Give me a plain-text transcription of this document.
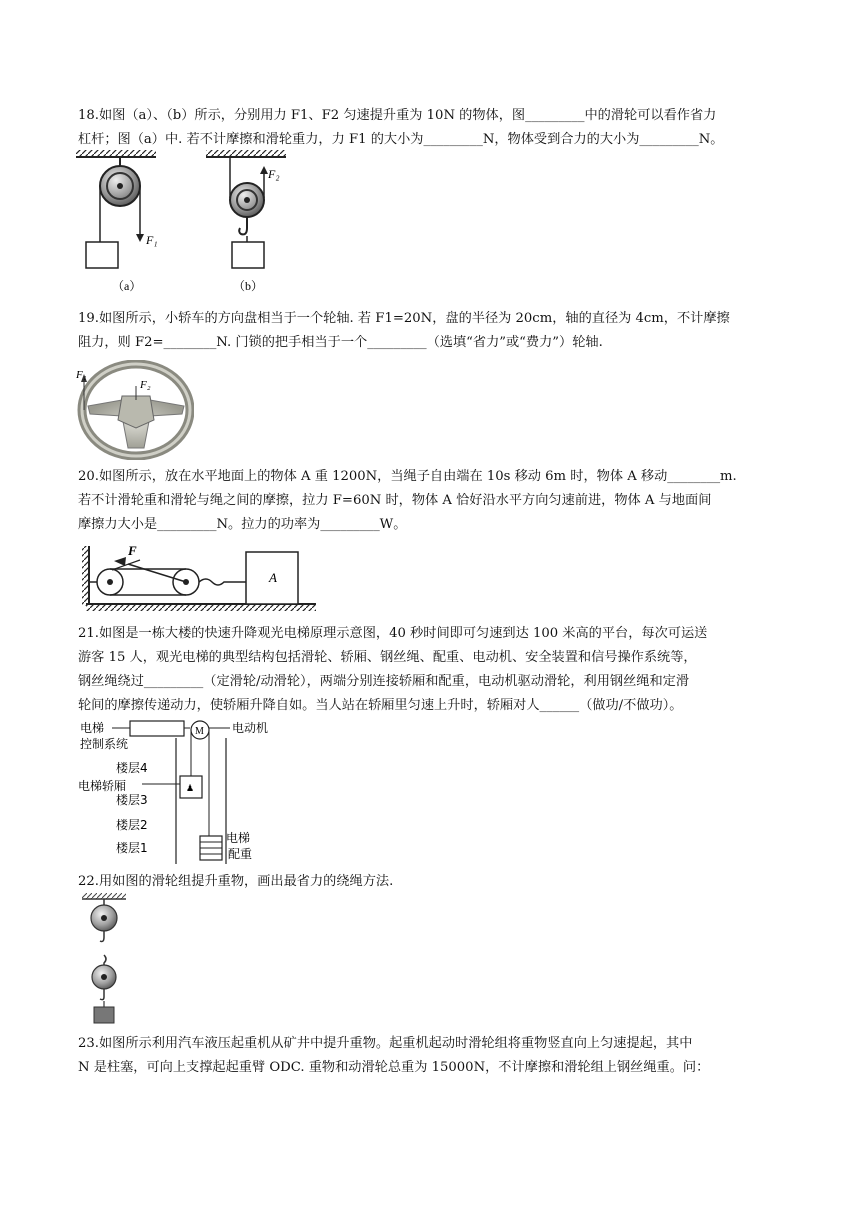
18.如图（a）、（b）所示，分别用力 F1、F2 匀速提升重为 10N 的物体，图_________中的滑轮可以看作省力
杠杆；图（a）中. 若不计摩擦和滑轮重力，力 F1 的大小为_________N，物体受到合力的大小为_________N。
F₁
（a）
F₂
（b）
19.如图所示，小轿车的方向盘相当于一个轮轴. 若 F1=20N，盘的半径为 20cm，轴的直径为 4cm，不计摩擦
阻力，则 F2=________N. 门锁的把手相当于一个_________（选填“省力”或“费力”）轮轴.
F₁
F₂
20.如图所示，放在水平地面上的物体 A 重 1200N，当绳子自由端在 10s 移动 6m 时，物体 A 移动________m.
若不计滑轮重和滑轮与绳之间的摩擦，拉力 F=60N 时，物体 A 恰好沿水平方向匀速前进，物体 A 与地面间
摩擦力大小是_________N。拉力的功率为_________W。
F
A
21.如图是一栋大楼的快速升降观光电梯原理示意图，40 秒时间即可匀速到达 100 米高的平台，每次可运送
游客 15 人，观光电梯的典型结构包括滑轮、轿厢、钢丝绳、配重、电动机、安全装置和信号操作系统等，
钢丝绳绕过_________（定滑轮/动滑轮），两端分别连接轿厢和配重，电动机驱动滑轮，利用钢丝绳和定滑
轮间的摩擦传递动力，使轿厢升降自如。当人站在轿厢里匀速上升时，轿厢对人______（做功/不做功）。
电梯
控制系统
M 电动机
♟
楼层4
电梯轿厢
楼层3
楼层2
楼层1
电梯
配重
22.用如图的滑轮组提升重物，画出最省力的绕绳方法.
23.如图所示利用汽车液压起重机从矿井中提升重物。起重机起动时滑轮组将重物竖直向上匀速提起，其中
N 是柱塞，可向上支撑起起重臂 ODC. 重物和动滑轮总重为 15000N，不计摩擦和滑轮组上钢丝绳重。问：
